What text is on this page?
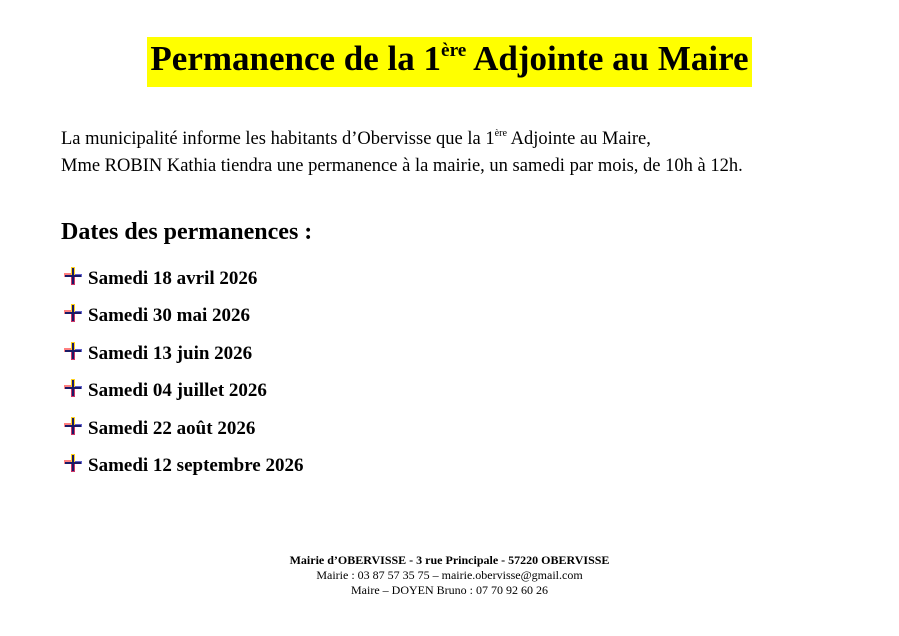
Permanence de la 1ère Adjointe au Maire
La municipalité informe les habitants d’Obervisse que la 1ère Adjointe au Maire,
Mme ROBIN Kathia tiendra une permanence à la mairie, un samedi par mois, de 10h à 12h.
Dates des permanences :
Samedi 18 avril 2026
Samedi 30 mai 2026
Samedi 13 juin 2026
Samedi 04 juillet 2026
Samedi 22 août 2026
Samedi 12 septembre 2026
Mairie d’OBERVISSE - 3 rue Principale - 57220 OBERVISSE
Mairie : 03 87 57 35 75 – mairie.obervisse@gmail.com
Maire – DOYEN Bruno : 07 70 92 60 26
